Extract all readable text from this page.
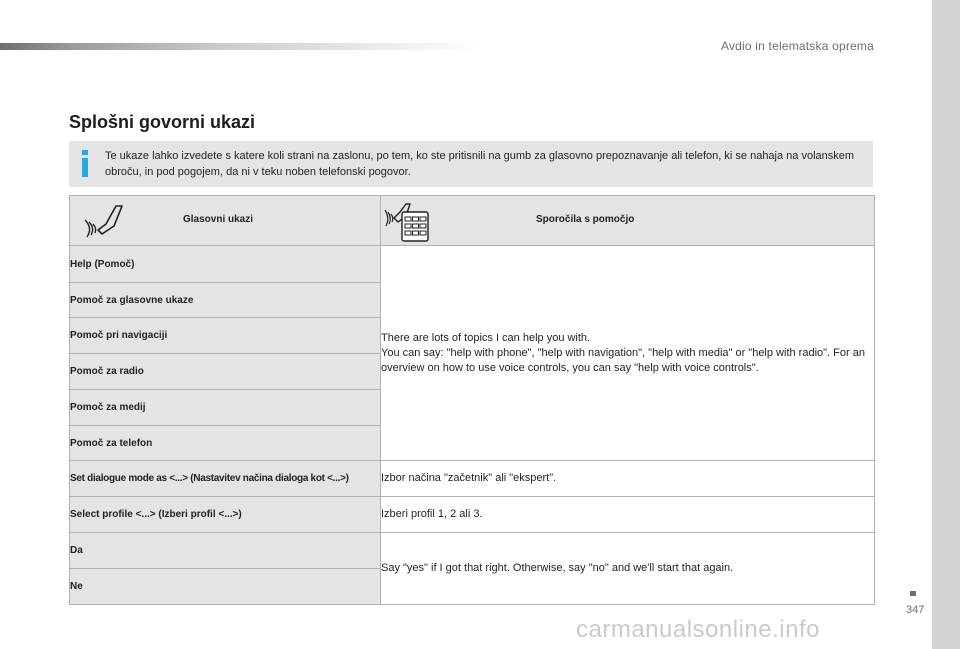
Avdio in telematska oprema
Splošni govorni ukazi
Te ukaze lahko izvedete s katere koli strani na zaslonu, po tem, ko ste pritisnili na gumb za glasovno prepoznavanje ali telefon, ki se nahaja na volanskem obroču, in pod pogojem, da ni v teku noben telefonski pogovor.
Glasovni ukazi	Sporočila s pomočjo

Help (Pomoč)	There are lots of topics I can help you with.
You can say: "help with phone", "help with navigation", "help with media" or "help with radio". For an overview on how to use voice controls, you can say "help with voice controls".

Pomoč za glasovne ukaze	
Pomoč pri navigaciji	
Pomoč za radio	
Pomoč za medij	
Pomoč za telefon	
Set dialogue mode as <...> (Nastavitev načina dialoga kot <...>)	Izbor načina "začetnik" ali "ekspert".
Select profile <...> (Izberi profil <...>)	Izberi profil 1, 2 ali 3.
Da	Say "yes" if I got that right. Otherwise, say "no" and we'll start that again.
Ne	
347
carmanualsonline.info
